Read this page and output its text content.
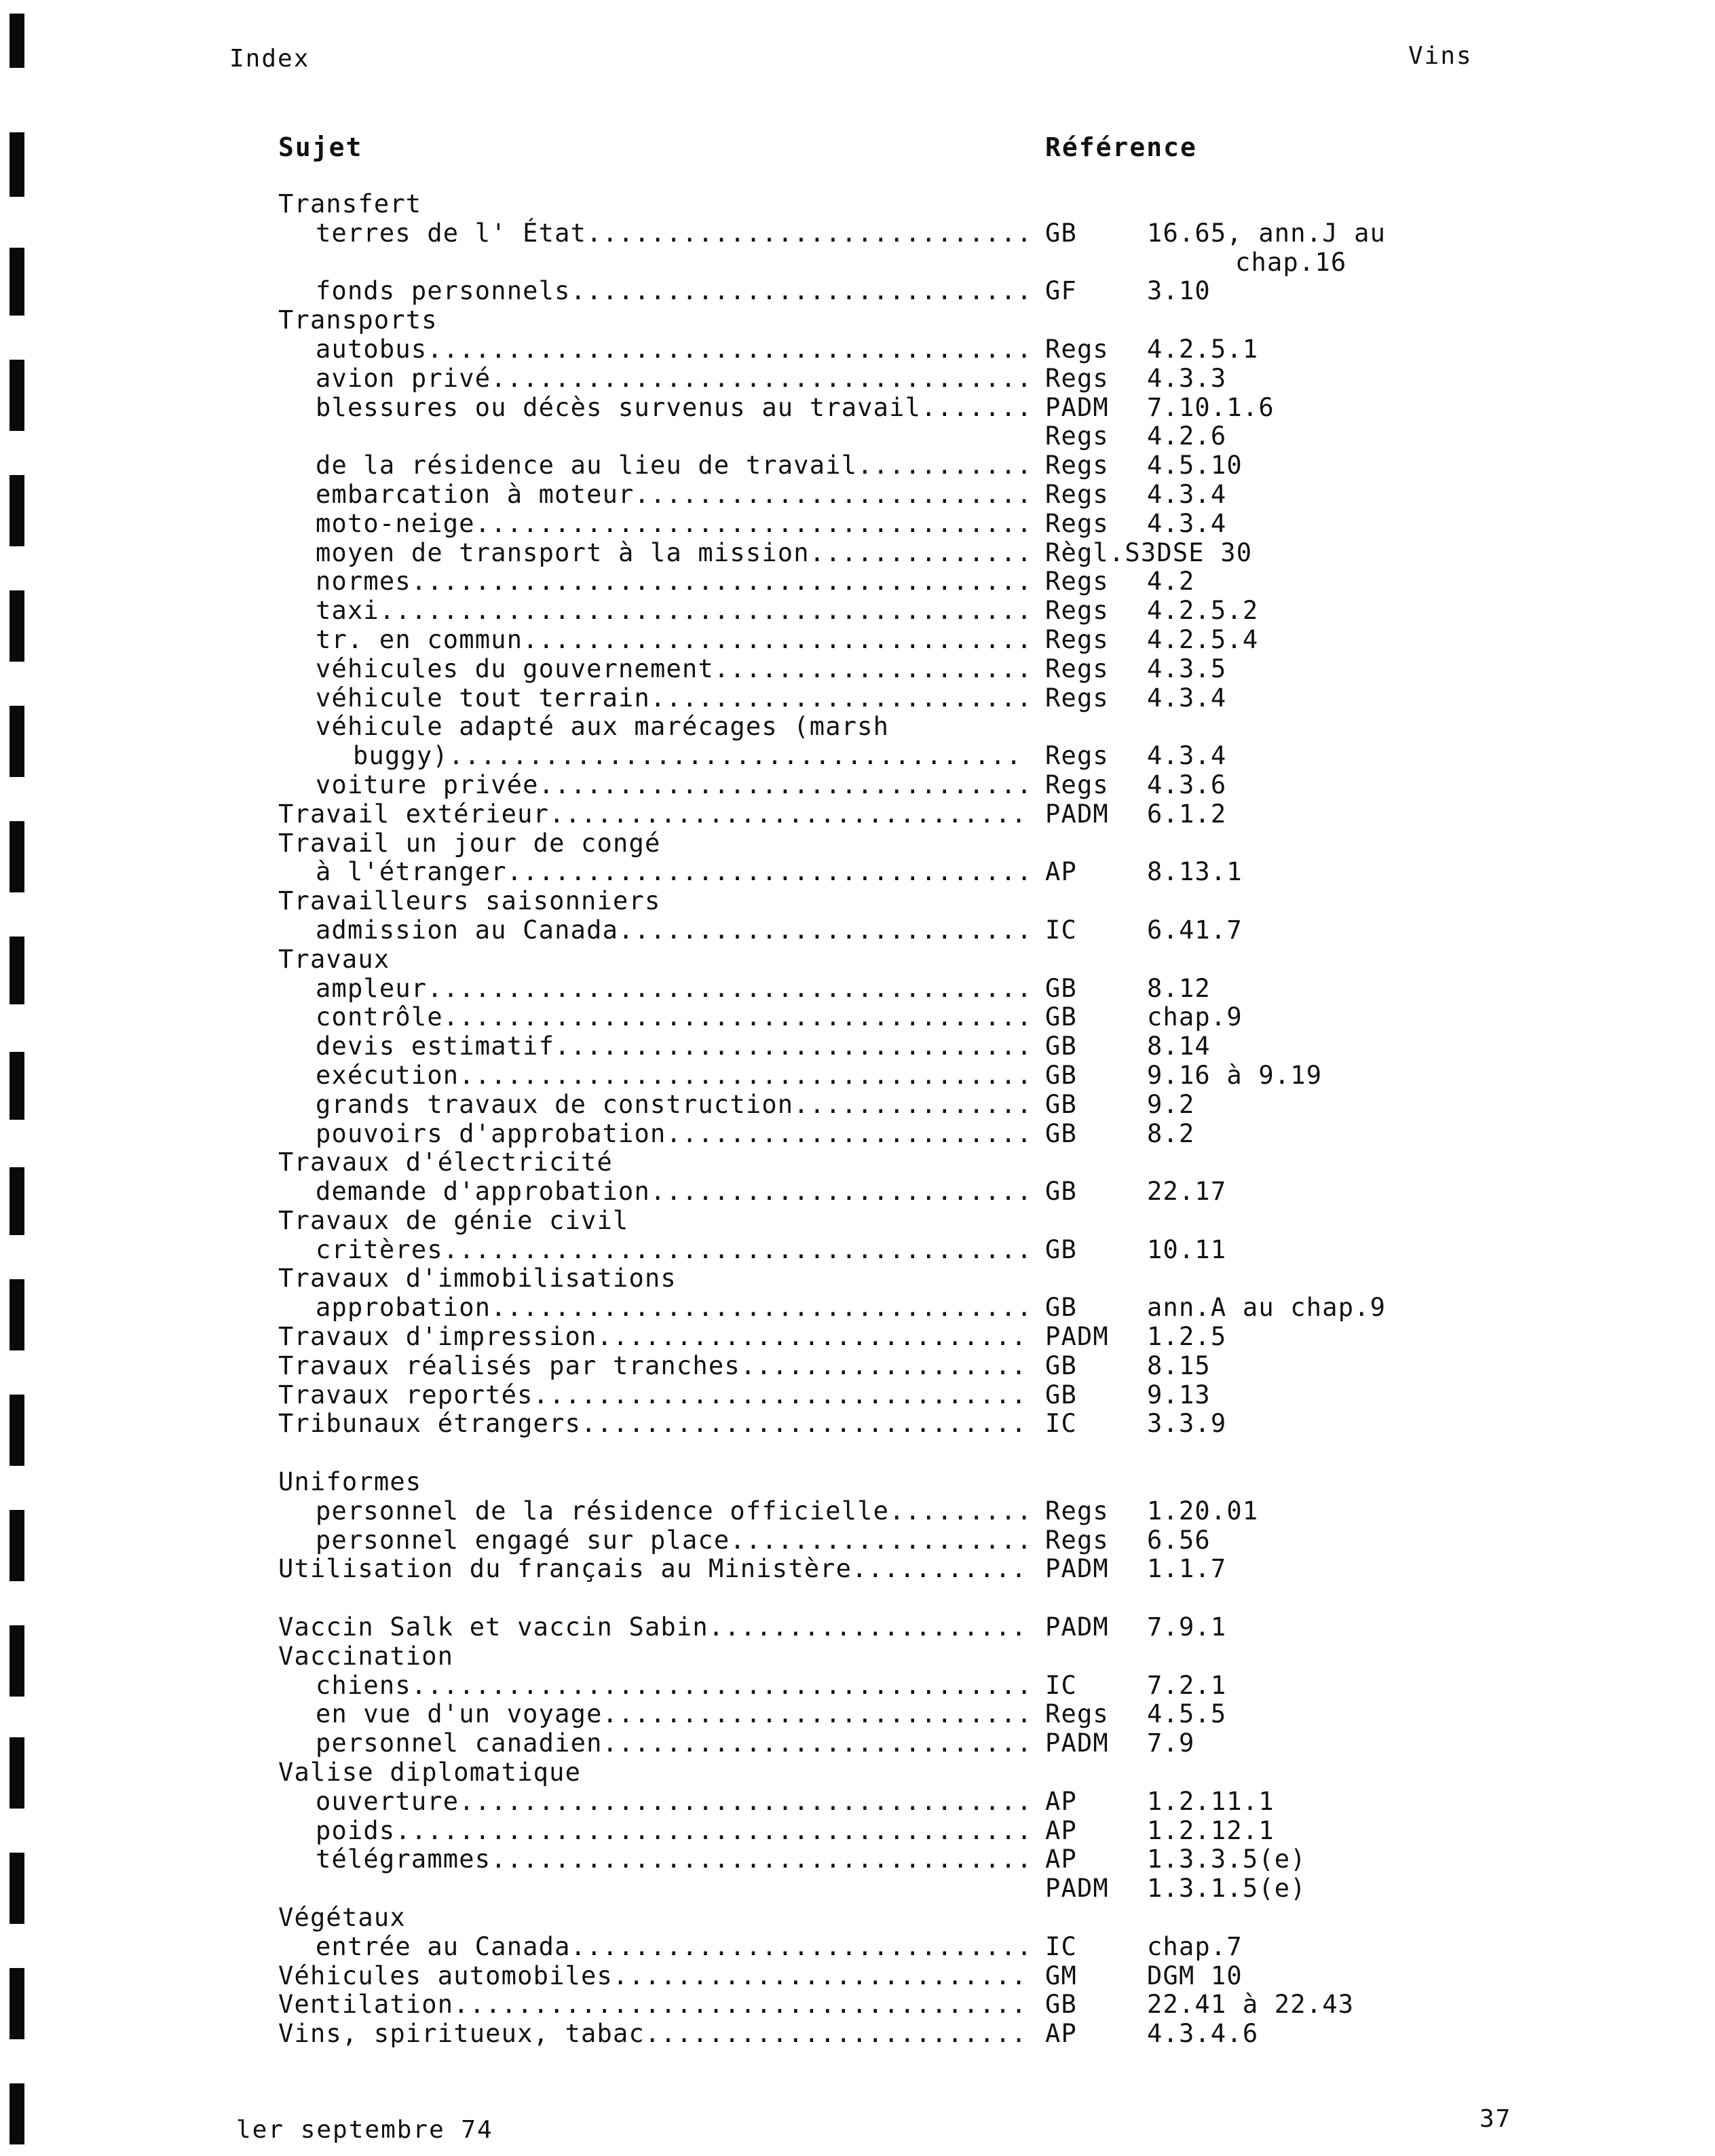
Index	Vins
Sujet	Référence
Transfert
terres de l' État ............................ GB	16.65, ann.J au
chap.16
fonds personnels ............................. GF	3.10
Transports
autobus ...................................... Regs 4.2.5.1
avion privé .................................. Regs 4.3.3
blessures ou décès survenus au travail ....... PADM 7.10.1.6
Regs 4.2.6
de la résidence au lieu de travail ........... Regs 4.5.10
embarcation à moteur ......................... Regs 4.3.4
moto-neige ................................... Regs 4.3.4
moyen de transport à la mission .............. Règl.S3DSE 30
normes ....................................... Regs 4.2
taxi ......................................... Regs 4.2.5.2
tr. en commun ................................ Regs 4.2.5.4
véhicules du gouvernement .................... Regs 4.3.5
véhicule tout terrain ........................ Regs 4.3.4
véhicule adapté aux marécages (marsh
buggy) .................................... Regs 4.3.4
voiture privée ............................... Regs 4.3.6
Travail extérieur .............................. PADM 6.1.2
Travail un jour de congé
à l'étranger ................................. AP	8.13.1
Travailleurs saisonniers
admission au Canada .......................... IC	6.41.7
Travaux
ampleur ...................................... GB	8.12
contrôle ..................................... GB	chap.9
devis estimatif .............................. GB	8.14
exécution .................................... GB	9.16 à 9.19
grands travaux de construction ............... GB	9.2
pouvoirs d'approbation ....................... GB	8.2
Travaux d'électricité
demande d'approbation ........................ GB	22.17
Travaux de génie civil
critères ..................................... GB	10.11
Travaux d'immobilisations
approbation .................................. GB	ann.A au chap.9
Travaux d'impression ........................... PADM 1.2.5
Travaux réalisés par tranches .................. GB	8.15
Travaux reportés ............................... GB	9.13
Tribunaux étrangers ............................ IC	3.3.9
Uniformes
personnel de la résidence officielle ......... Regs 1.20.01
personnel engagé sur place ................... Regs 6.56
Utilisation du français au Ministère ........... PADM 1.1.7
Vaccin Salk et vaccin Sabin .................... PADM 7.9.1
Vaccination
chiens ....................................... IC	7.2.1
en vue d'un voyage ........................... Regs 4.5.5
personnel canadien ........................... PADM 7.9
Valise diplomatique
ouverture .................................... AP	1.2.11.1
poids ........................................ AP	1.2.12.1
télégrammes .................................. AP	1.3.3.5(e)
PADM 1.3.1.5(e)
Végétaux
entrée au Canada ............................. IC	chap.7
Véhicules automobiles .......................... GM	DGM 10
Ventilation .................................... GB	22.41 à 22.43
Vins, spiritueux, tabac ........................ AP	4.3.4.6
ler septembre 74	37
